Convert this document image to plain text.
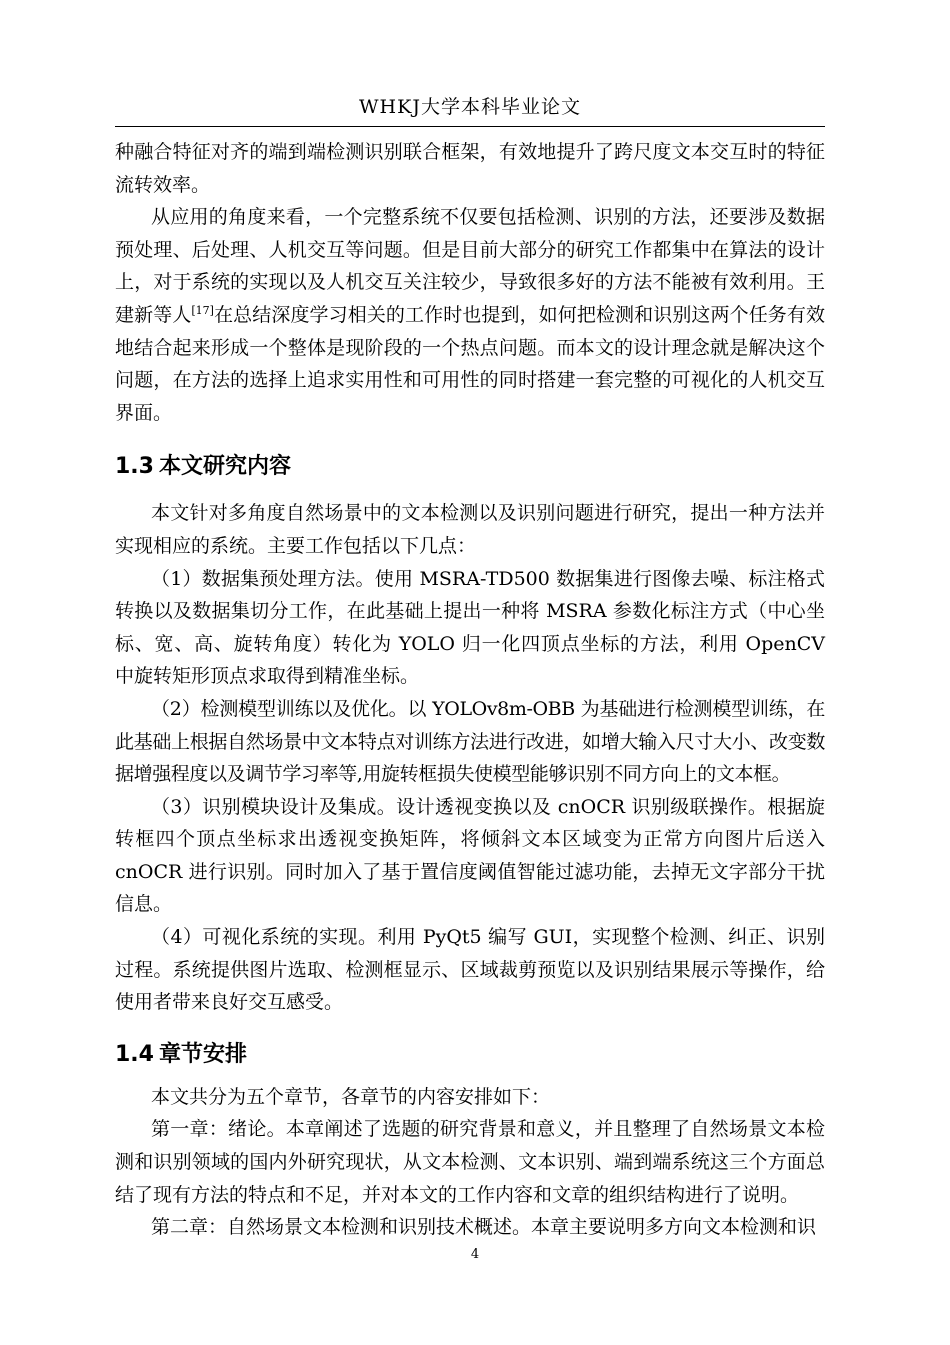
WHKJ大学本科毕业论文

种融合特征对齐的端到端检测识别联合框架，有效地提升了跨尺度文本交互时的特征流转效率。

从应用的角度来看，一个完整系统不仅要包括检测、识别的方法，还要涉及数据预处理、后处理、人机交互等问题。但是目前大部分的研究工作都集中在算法的设计上，对于系统的实现以及人机交互关注较少，导致很多好的方法不能被有效利用。王建新等人[17]在总结深度学习相关的工作时也提到，如何把检测和识别这两个任务有效地结合起来形成一个整体是现阶段的一个热点问题。而本文的设计理念就是解决这个问题，在方法的选择上追求实用性和可用性的同时搭建一套完整的可视化的人机交互界面。

1.3 本文研究内容

本文针对多角度自然场景中的文本检测以及识别问题进行研究，提出一种方法并实现相应的系统。主要工作包括以下几点：

（1）数据集预处理方法。使用 MSRA-TD500 数据集进行图像去噪、标注格式转换以及数据集切分工作，在此基础上提出一种将 MSRA 参数化标注方式（中心坐标、宽、高、旋转角度）转化为 YOLO 归一化四顶点坐标的方法，利用 OpenCV 中旋转矩形顶点求取得到精准坐标。

（2）检测模型训练以及优化。以 YOLOv8m-OBB 为基础进行检测模型训练，在此基础上根据自然场景中文本特点对训练方法进行改进，如增大输入尺寸大小、改变数据增强程度以及调节学习率等,用旋转框损失使模型能够识别不同方向上的文本框。

（3）识别模块设计及集成。设计透视变换以及 cnOCR 识别级联操作。根据旋转框四个顶点坐标求出透视变换矩阵，将倾斜文本区域变为正常方向图片后送入 cnOCR 进行识别。同时加入了基于置信度阈值智能过滤功能，去掉无文字部分干扰信息。

（4）可视化系统的实现。利用 PyQt5 编写 GUI，实现整个检测、纠正、识别过程。系统提供图片选取、检测框显示、区域裁剪预览以及识别结果展示等操作，给使用者带来良好交互感受。

1.4 章节安排

本文共分为五个章节，各章节的内容安排如下：

第一章：绪论。本章阐述了选题的研究背景和意义，并且整理了自然场景文本检测和识别领域的国内外研究现状，从文本检测、文本识别、端到端系统这三个方面总结了现有方法的特点和不足，并对本文的工作内容和文章的组织结构进行了说明。

第二章：自然场景文本检测和识别技术概述。本章主要说明多方向文本检测和识

4
